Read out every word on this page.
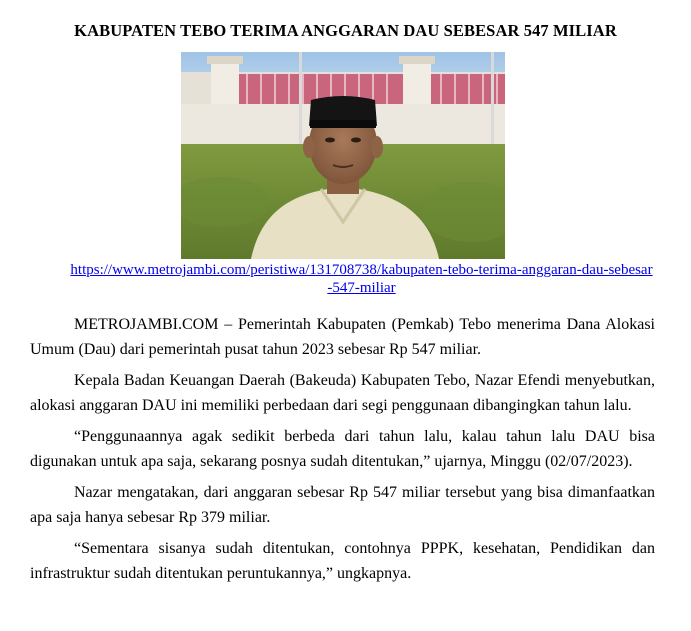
KABUPATEN TEBO TERIMA ANGGARAN DAU SEBESAR 547 MILIAR
https://www.metrojambi.com/peristiwa/131708738/kabupaten-tebo-terima-anggaran-dau-sebesar-547-miliar

METROJAMBI.COM – Pemerintah Kabupaten (Pemkab) Tebo menerima Dana Alokasi Umum (Dau) dari pemerintah pusat tahun 2023 sebesar Rp 547 miliar.

Kepala Badan Keuangan Daerah (Bakeuda) Kabupaten Tebo, Nazar Efendi menyebutkan, alokasi anggaran DAU ini memiliki perbedaan dari segi penggunaan dibangingkan tahun lalu.

“Penggunaannya agak sedikit berbeda dari tahun lalu, kalau tahun lalu DAU bisa digunakan untuk apa saja, sekarang posnya sudah ditentukan,” ujarnya, Minggu (02/07/2023).

Nazar mengatakan, dari anggaran sebesar Rp 547 miliar tersebut yang bisa dimanfaatkan apa saja hanya sebesar Rp 379 miliar.

“Sementara sisanya sudah ditentukan, contohnya PPPK, kesehatan, Pendidikan dan infrastruktur sudah ditentukan peruntukannya,” ungkapnya.
